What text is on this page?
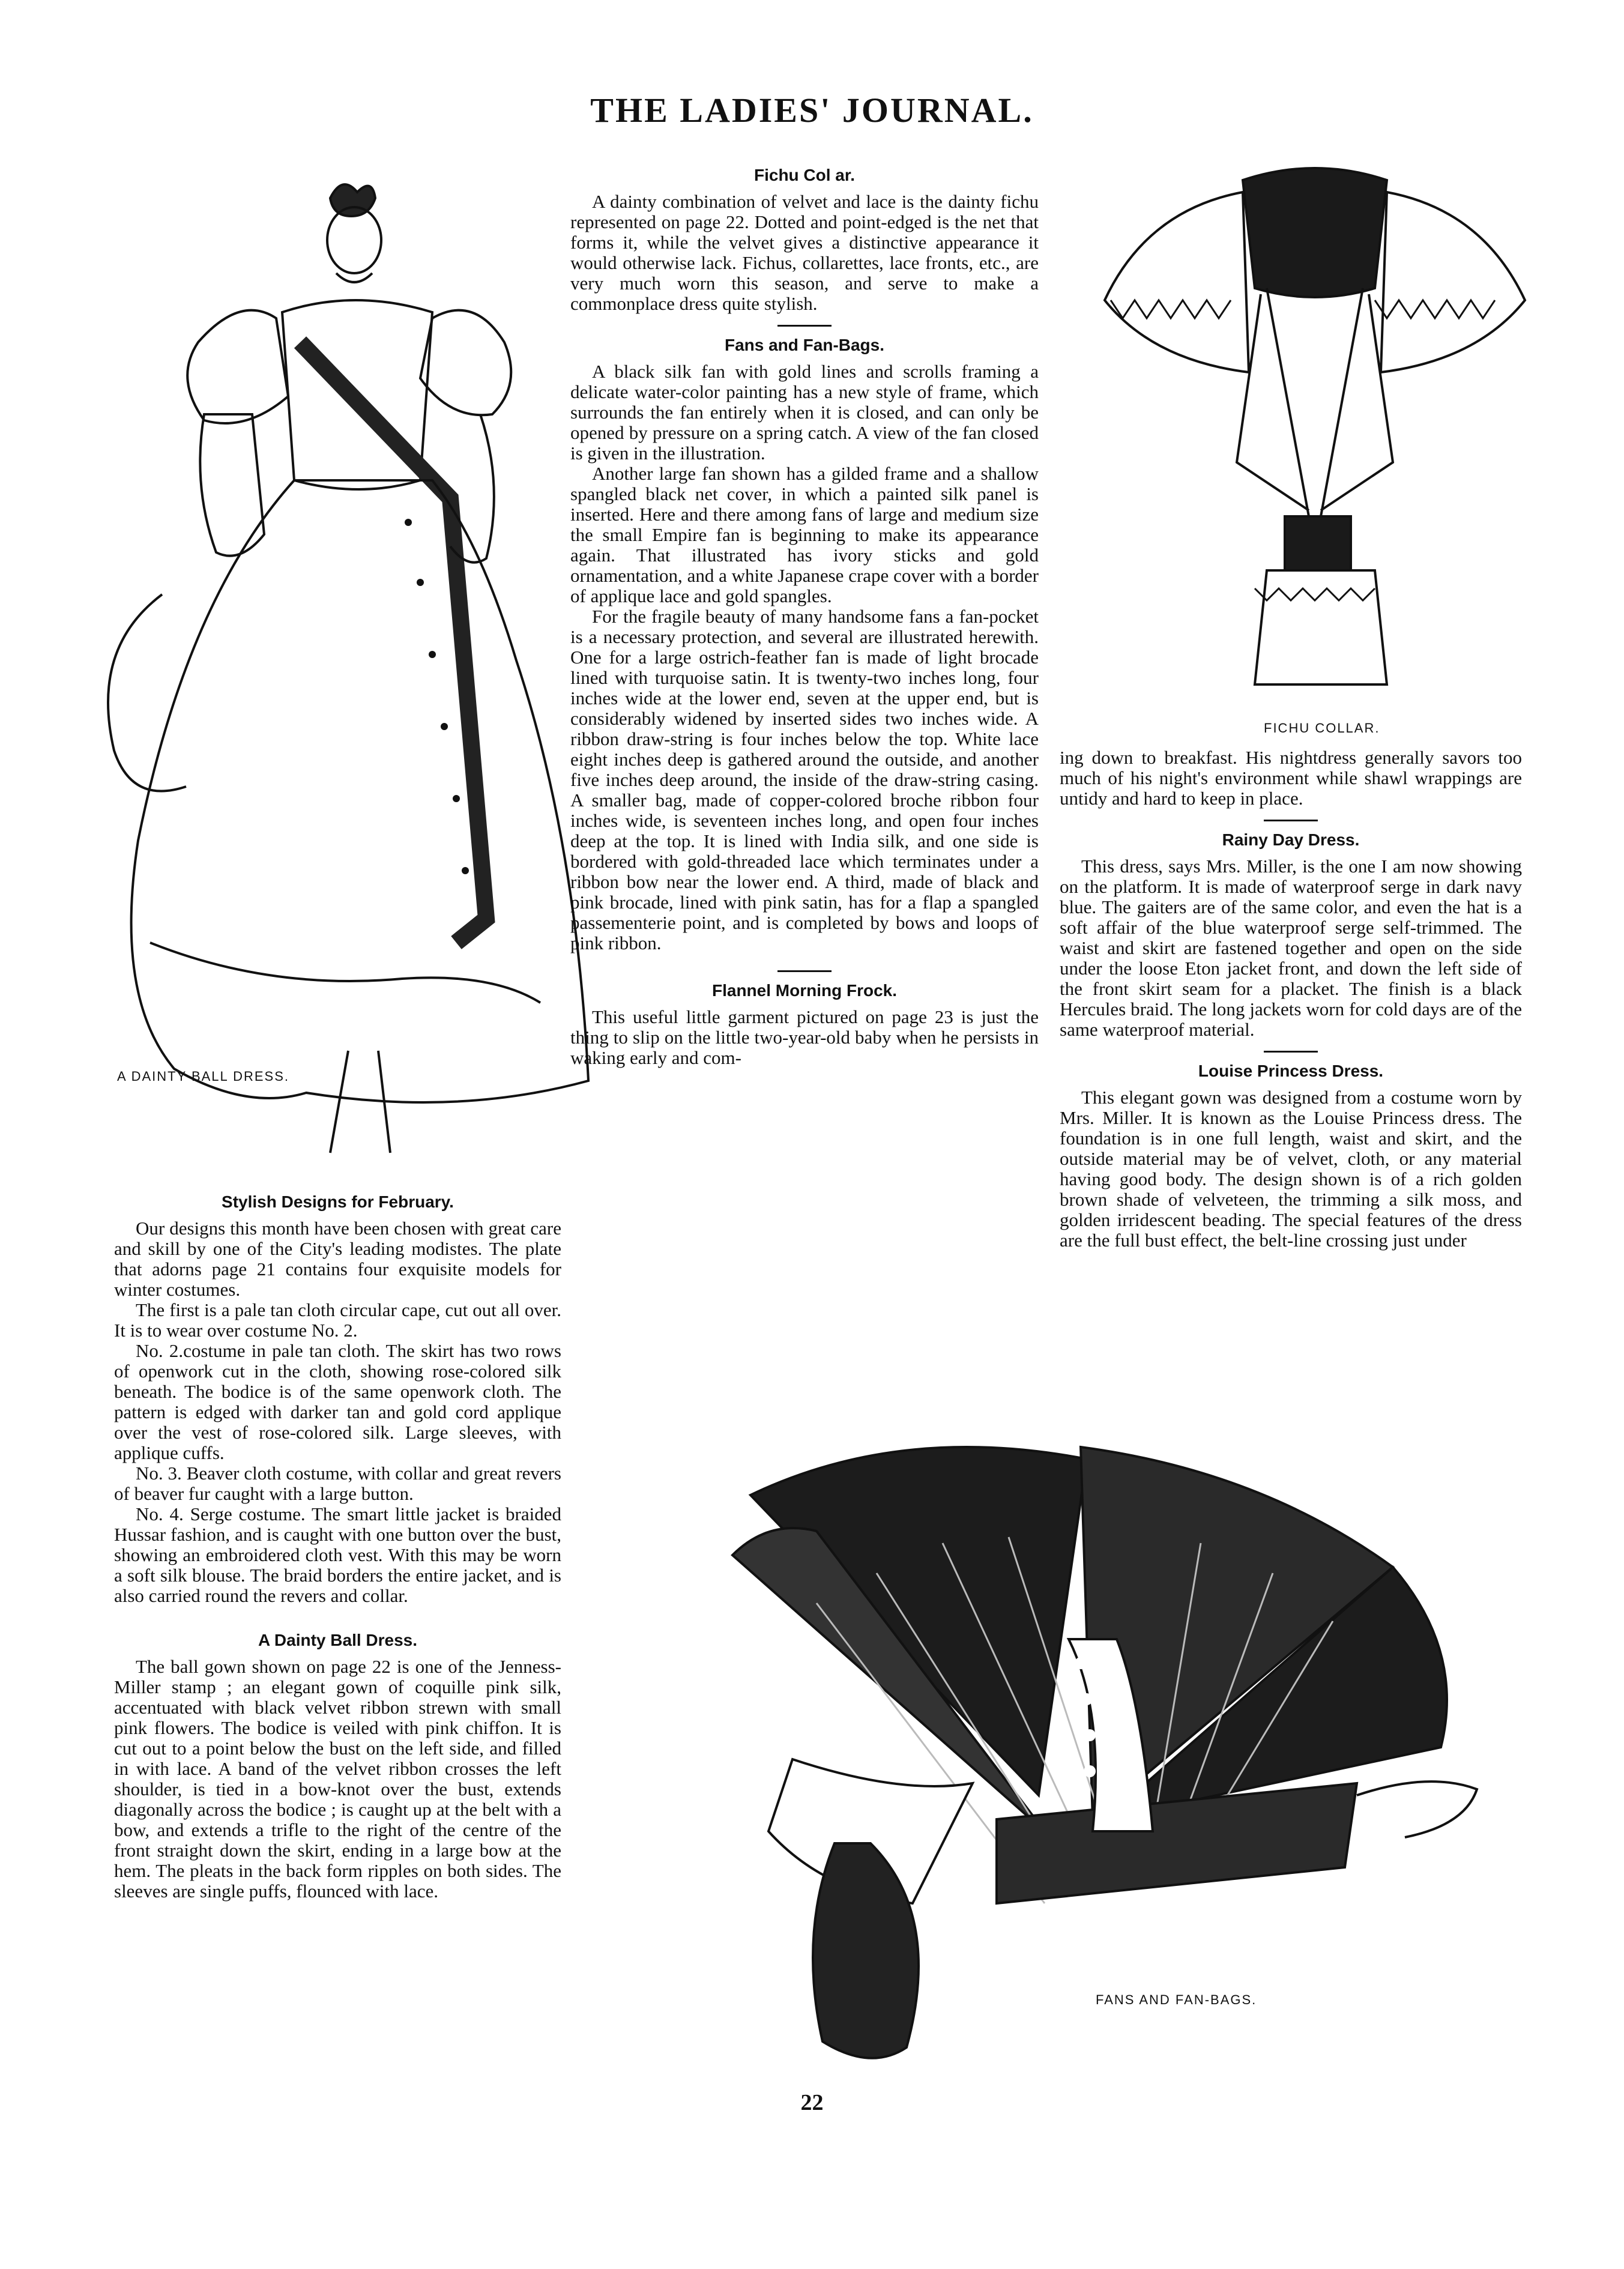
THE LADIES' JOURNAL.
A DAINTY BALL DRESS.
Stylish Designs for February.

Our designs this month have been chosen with great care and skill by one of the City's leading modistes. The plate that adorns page 21 contains four exquisite models for winter costumes.

The first is a pale tan cloth circular cape, cut out all over. It is to wear over costume No. 2.

No. 2.costume in pale tan cloth. The skirt has two rows of openwork cut in the cloth, showing rose-colored silk beneath. The bodice is of the same openwork cloth. The pattern is edged with darker tan and gold cord applique over the vest of rose-colored silk. Large sleeves, with applique cuffs.

No. 3. Beaver cloth costume, with collar and great revers of beaver fur caught with a large button.

No. 4. Serge costume. The smart little jacket is braided Hussar fashion, and is caught with one button over the bust, showing an embroidered cloth vest. With this may be worn a soft silk blouse. The braid borders the entire jacket, and is also carried round the revers and collar.

A Dainty Ball Dress.

The ball gown shown on page 22 is one of the Jenness-Miller stamp ; an elegant gown of coquille pink silk, accentuated with black velvet ribbon strewn with small pink flowers. The bodice is veiled with pink chiffon. It is cut out to a point below the bust on the left side, and filled in with lace. A band of the velvet ribbon crosses the left shoulder, is tied in a bow-knot over the bust, extends diagonally across the bodice ; is caught up at the belt with a bow, and extends a trifle to the right of the centre of the front straight down the skirt, ending in a large bow at the hem. The pleats in the back form ripples on both sides. The sleeves are single puffs, flounced with lace.

Fichu Col ar.

A dainty combination of velvet and lace is the dainty fichu represented on page 22. Dotted and point-edged is the net that forms it, while the velvet gives a distinctive appearance it would otherwise lack. Fichus, collarettes, lace fronts, etc., are very much worn this season, and serve to make a commonplace dress quite stylish.

Fans and Fan-Bags.

A black silk fan with gold lines and scrolls framing a delicate water-color painting has a new style of frame, which surrounds the fan entirely when it is closed, and can only be opened by pressure on a spring catch. A view of the fan closed is given in the illustration.

Another large fan shown has a gilded frame and a shallow spangled black net cover, in which a painted silk panel is inserted. Here and there among fans of large and medium size the small Empire fan is beginning to make its appearance again. That illustrated has ivory sticks and gold ornamentation, and a white Japanese crape cover with a border of applique lace and gold spangles.

For the fragile beauty of many handsome fans a fan-pocket is a necessary protection, and several are illustrated herewith. One for a large ostrich-feather fan is made of light brocade lined with turquoise satin. It is twenty-two inches long, four inches wide at the lower end, seven at the upper end, but is considerably widened by inserted sides two inches wide. A ribbon draw-string is four inches below the top. White lace eight inches deep is gathered around the outside, and another five inches deep around, the inside of the draw-string casing. A smaller bag, made of copper-colored broche ribbon four inches wide, is seventeen inches long, and open four inches deep at the top. It is lined with India silk, and one side is bordered with gold-threaded lace which terminates under a ribbon bow near the lower end. A third, made of black and pink brocade, lined with pink satin, has for a flap a spangled passementerie point, and is completed by bows and loops of pink ribbon.

Flannel Morning Frock.

This useful little garment pictured on page 23 is just the thing to slip on the little two-year-old baby when he persists in waking early and com-

FICHU COLLAR.

ing down to breakfast. His nightdress generally savors too much of his night's environment while shawl wrappings are untidy and hard to keep in place.

Rainy Day Dress.

This dress, says Mrs. Miller, is the one I am now showing on the platform. It is made of waterproof serge in dark navy blue. The gaiters are of the same color, and even the hat is a soft affair of the blue waterproof serge self-trimmed. The waist and skirt are fastened together and open on the side under the loose Eton jacket front, and down the left side of the front skirt seam for a placket. The finish is a black Hercules braid. The long jackets worn for cold days are of the same waterproof material.

Louise Princess Dress.

This elegant gown was designed from a costume worn by Mrs. Miller. It is known as the Louise Princess dress. The foundation is in one full length, waist and skirt, and the outside material may be of velvet, cloth, or any material having good body. The design shown is of a rich golden brown shade of velveteen, the trimming a silk moss, and golden irridescent beading. The special features of the dress are the full bust effect, the belt-line crossing just under

FANS AND FAN-BAGS.
22
